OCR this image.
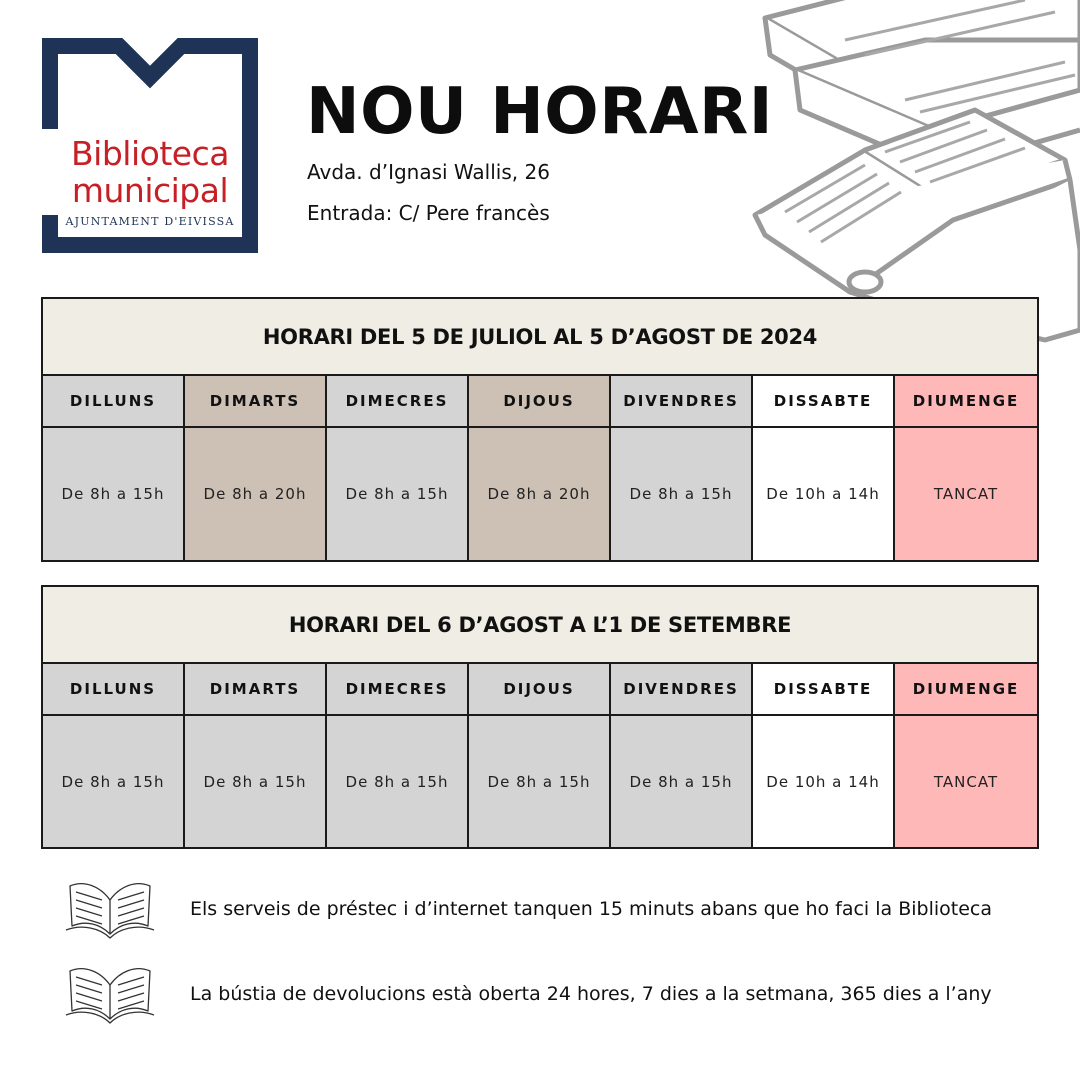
Biblioteca
municipal
AJUNTAMENT D'EIVISSA
NOU HORARI
Avda. d’Ignasi Wallis, 26
Entrada: C/ Pere francès
HORARI DEL 5 DE JULIOL AL 5 D’AGOST DE 2024
DILLUNS	DIMARTS	DIMECRES	DIJOUS	DIVENDRES	DISSABTE	DIUMENGE
De 8h a 15h	De 8h a 20h	De 8h a 15h	De 8h a 20h	De 8h a 15h	De 10h a 14h	TANCAT
HORARI DEL 6 D’AGOST A L’1 DE SETEMBRE
DILLUNS	DIMARTS	DIMECRES	DIJOUS	DIVENDRES	DISSABTE	DIUMENGE
De 8h a 15h	De 8h a 15h	De 8h a 15h	De 8h a 15h	De 8h a 15h	De 10h a 14h	TANCAT
Els serveis de préstec i d’internet tanquen 15 minuts abans que ho faci la Biblioteca
La bústia de devolucions està oberta 24 hores, 7 dies a la setmana, 365 dies a l’any
